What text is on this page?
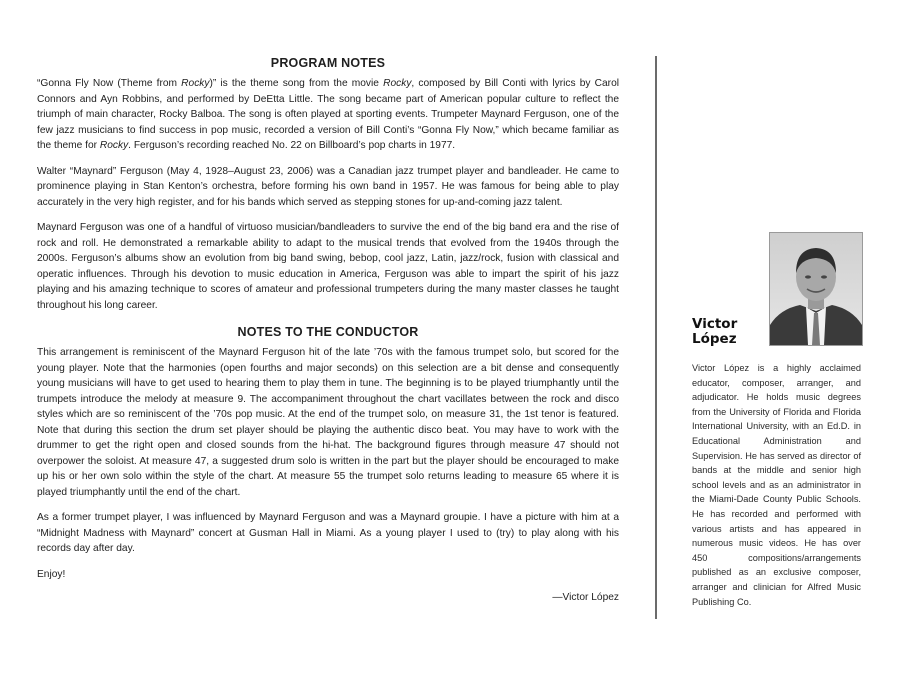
PROGRAM NOTES

“Gonna Fly Now (Theme from Rocky)” is the theme song from the movie Rocky, composed by Bill Conti with lyrics by Carol Connors and Ayn Robbins, and performed by DeEtta Little. The song became part of American popular culture to reflect the triumph of main character, Rocky Balboa. The song is often played at sporting events. Trumpeter Maynard Ferguson, one of the few jazz musicians to find success in pop music, recorded a version of Bill Conti’s “Gonna Fly Now,” which became familiar as the theme for Rocky. Ferguson’s recording reached No. 22 on Billboard’s pop charts in 1977.

Walter “Maynard” Ferguson (May 4, 1928–August 23, 2006) was a Canadian jazz trumpet player and bandleader. He came to prominence playing in Stan Kenton’s orchestra, before forming his own band in 1957. He was famous for being able to play accurately in the very high register, and for his bands which served as stepping stones for up-and-coming jazz talent.

Maynard Ferguson was one of a handful of virtuoso musician/bandleaders to survive the end of the big band era and the rise of rock and roll. He demonstrated a remarkable ability to adapt to the musical trends that evolved from the 1940s through the 2000s. Ferguson’s albums show an evolution from big band swing, bebop, cool jazz, Latin, jazz/rock, fusion with classical and operatic influences. Through his devotion to music education in America, Ferguson was able to impart the spirit of his jazz playing and his amazing technique to scores of amateur and professional trumpeters during the many master classes he taught throughout his long career.

NOTES TO THE CONDUCTOR

This arrangement is reminiscent of the Maynard Ferguson hit of the late ’70s with the famous trumpet solo, but scored for the young player. Note that the harmonies (open fourths and major seconds) on this selection are a bit dense and consequently young musicians will have to get used to hearing them to play them in tune. The beginning is to be played triumphantly until the trumpets introduce the melody at measure 9. The accompaniment throughout the chart vacillates between the rock and disco styles which are so reminiscent of the ’70s pop music. At the end of the trumpet solo, on measure 31, the 1st tenor is featured. Note that during this section the drum set player should be playing the authentic disco beat. You may have to work with the drummer to get the right open and closed sounds from the hi-hat. The background figures through measure 47 should not overpower the soloist. At measure 47, a suggested drum solo is written in the part but the player should be encouraged to make up his or her own solo within the style of the chart. At measure 55 the trumpet solo returns leading to measure 65 where it is played triumphantly until the end of the chart.

As a former trumpet player, I was influenced by Maynard Ferguson and was a Maynard groupie. I have a picture with him at a “Midnight Madness with Maynard” concert at Gusman Hall in Miami. As a young player I used to (try) to play along with his records day after day.

Enjoy!

—Victor López
Victor
López
Victor López is a highly acclaimed educator, composer, arranger, and adjudicator. He holds music degrees from the University of Florida and Florida International University, with an Ed.D. in Educational Administration and Supervision. He has served as director of bands at the middle and senior high school levels and as an administrator in the Miami-Dade County Public Schools. He has recorded and performed with various artists and has appeared in numerous music videos. He has over 450 compositions/arrangements published as an exclusive composer, arranger and clinician for Alfred Music Publishing Co.
